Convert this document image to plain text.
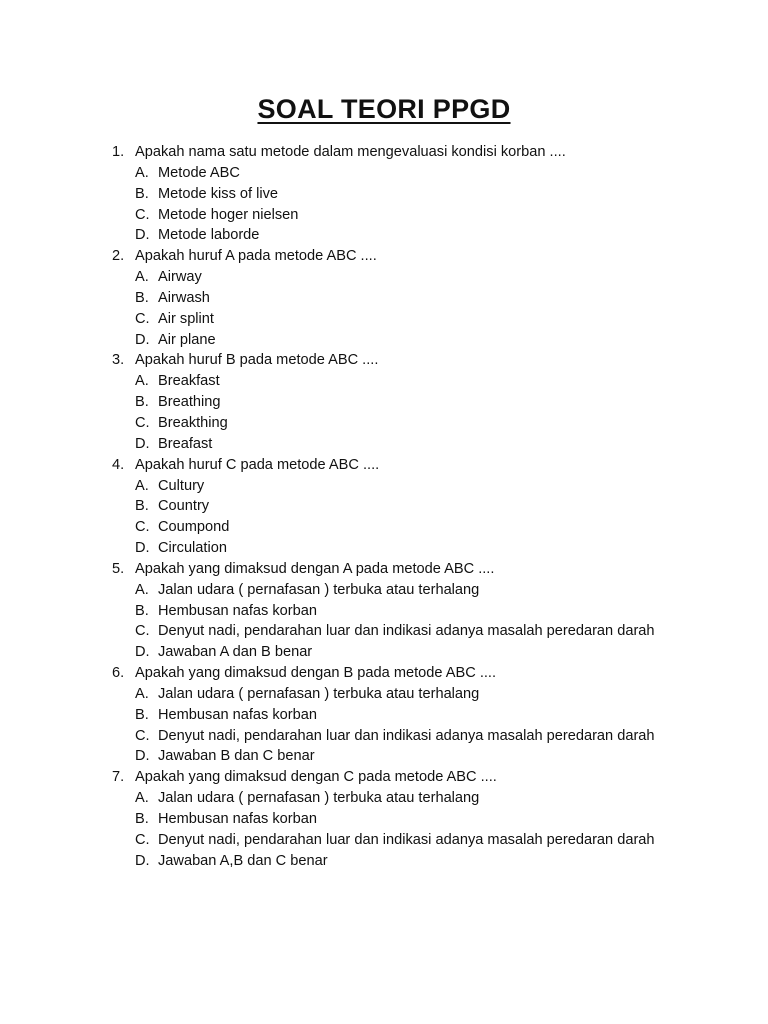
SOAL TEORI PPGD
1. Apakah nama satu metode dalam mengevaluasi kondisi korban ....
A. Metode ABC
B. Metode kiss of live
C. Metode hoger nielsen
D. Metode laborde
2. Apakah huruf A pada metode ABC ....
A. Airway
B. Airwash
C. Air splint
D. Air plane
3. Apakah huruf B pada metode ABC ....
A. Breakfast
B. Breathing
C. Breakthing
D. Breafast
4. Apakah huruf C pada metode ABC ....
A. Cultury
B. Country
C. Coumpond
D. Circulation
5. Apakah yang dimaksud dengan A pada metode ABC ....
A. Jalan udara ( pernafasan ) terbuka atau terhalang
B. Hembusan nafas korban
C. Denyut nadi, pendarahan luar dan indikasi adanya masalah peredaran darah
D. Jawaban A dan B benar
6. Apakah yang dimaksud dengan B pada metode ABC ....
A. Jalan udara ( pernafasan ) terbuka atau terhalang
B. Hembusan nafas korban
C. Denyut nadi, pendarahan luar dan indikasi adanya masalah peredaran darah
D. Jawaban B dan C benar
7. Apakah yang dimaksud dengan C pada metode ABC ....
A. Jalan udara ( pernafasan ) terbuka atau terhalang
B. Hembusan nafas korban
C. Denyut nadi, pendarahan luar dan indikasi adanya masalah peredaran darah
D. Jawaban A,B dan C benar
